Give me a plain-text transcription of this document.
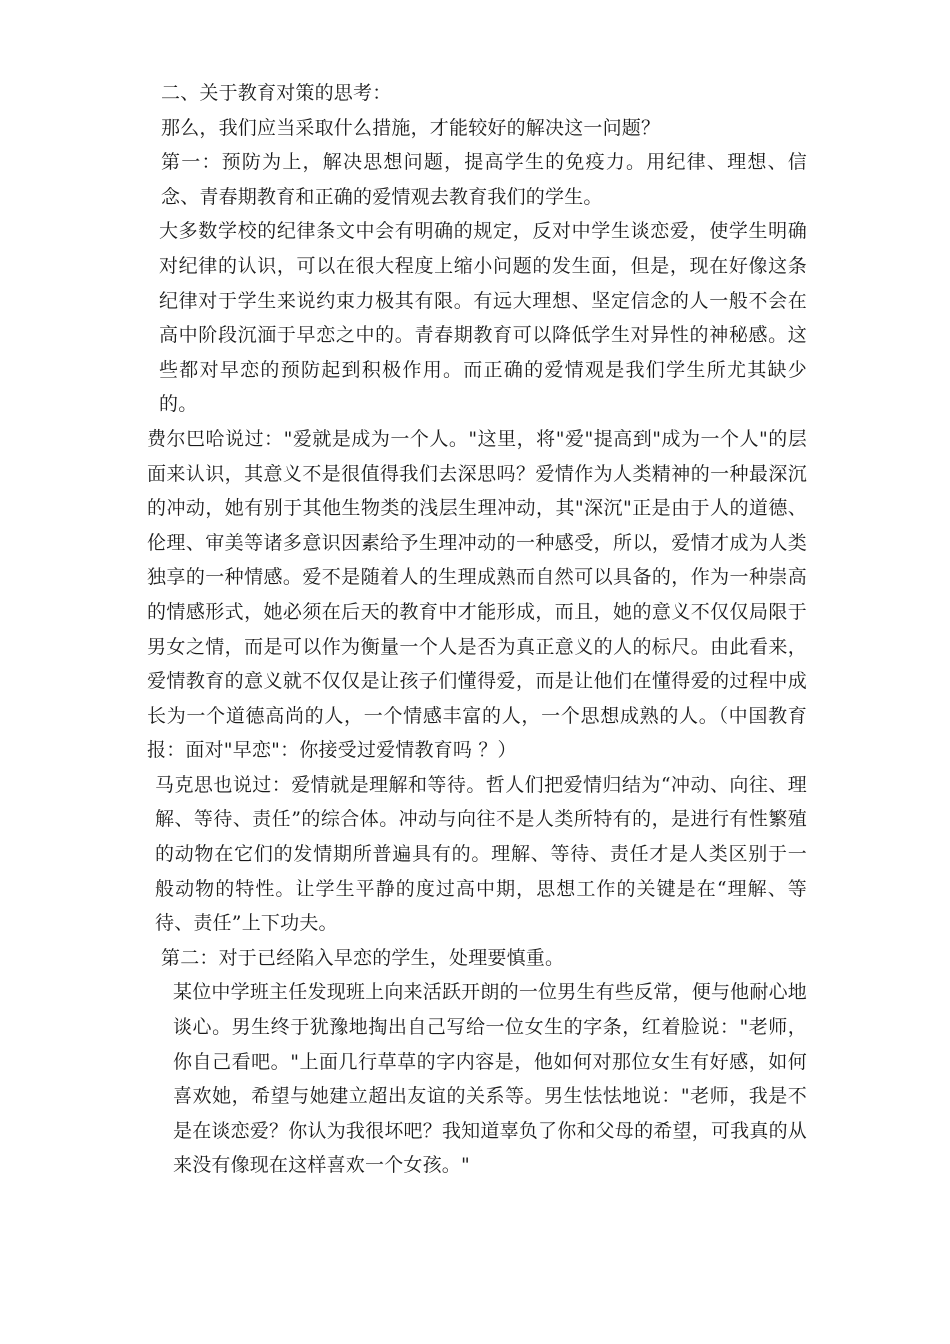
二、关于教育对策的思考：

那么，我们应当采取什么措施，才能较好的解决这一问题？

第一：预防为上，解决思想问题，提高学生的免疫力。用纪律、理想、信念、青春期教育和正确的爱情观去教育我们的学生。

大多数学校的纪律条文中会有明确的规定，反对中学生谈恋爱，使学生明确对纪律的认识，可以在很大程度上缩小问题的发生面，但是，现在好像这条纪律对于学生来说约束力极其有限。有远大理想、坚定信念的人一般不会在高中阶段沉湎于早恋之中的。青春期教育可以降低学生对异性的神秘感。这些都对早恋的预防起到积极作用。而正确的爱情观是我们学生所尤其缺少的。

费尔巴哈说过："爱就是成为一个人。"这里，将"爱"提高到"成为一个人"的层面来认识，其意义不是很值得我们去深思吗？爱情作为人类精神的一种最深沉的冲动，她有别于其他生物类的浅层生理冲动，其"深沉"正是由于人的道德、伦理、审美等诸多意识因素给予生理冲动的一种感受，所以，爱情才成为人类独享的一种情感。爱不是随着人的生理成熟而自然可以具备的，作为一种崇高的情感形式，她必须在后天的教育中才能形成，而且，她的意义不仅仅局限于男女之情，而是可以作为衡量一个人是否为真正意义的人的标尺。由此看来，爱情教育的意义就不仅仅是让孩子们懂得爱，而是让他们在懂得爱的过程中成长为一个道德高尚的人，一个情感丰富的人，一个思想成熟的人。（中国教育报：面对"早恋"：你接受过爱情教育吗 ？）

马克思也说过：爱情就是理解和等待。哲人们把爱情归结为“冲动、向往、理解、等待、责任”的综合体。冲动与向往不是人类所特有的，是进行有性繁殖的动物在它们的发情期所普遍具有的。理解、等待、责任才是人类区别于一般动物的特性。让学生平静的度过高中期，思想工作的关键是在“理解、等待、责任”上下功夫。

第二：对于已经陷入早恋的学生，处理要慎重。

某位中学班主任发现班上向来活跃开朗的一位男生有些反常，便与他耐心地谈心。男生终于犹豫地掏出自己写给一位女生的字条，红着脸说："老师，你自己看吧。"上面几行草草的字内容是，他如何对那位女生有好感，如何喜欢她，希望与她建立超出友谊的关系等。男生怯怯地说："老师，我是不是在谈恋爱？你认为我很坏吧？我知道辜负了你和父母的希望，可我真的从来没有像现在这样喜欢一个女孩。"
